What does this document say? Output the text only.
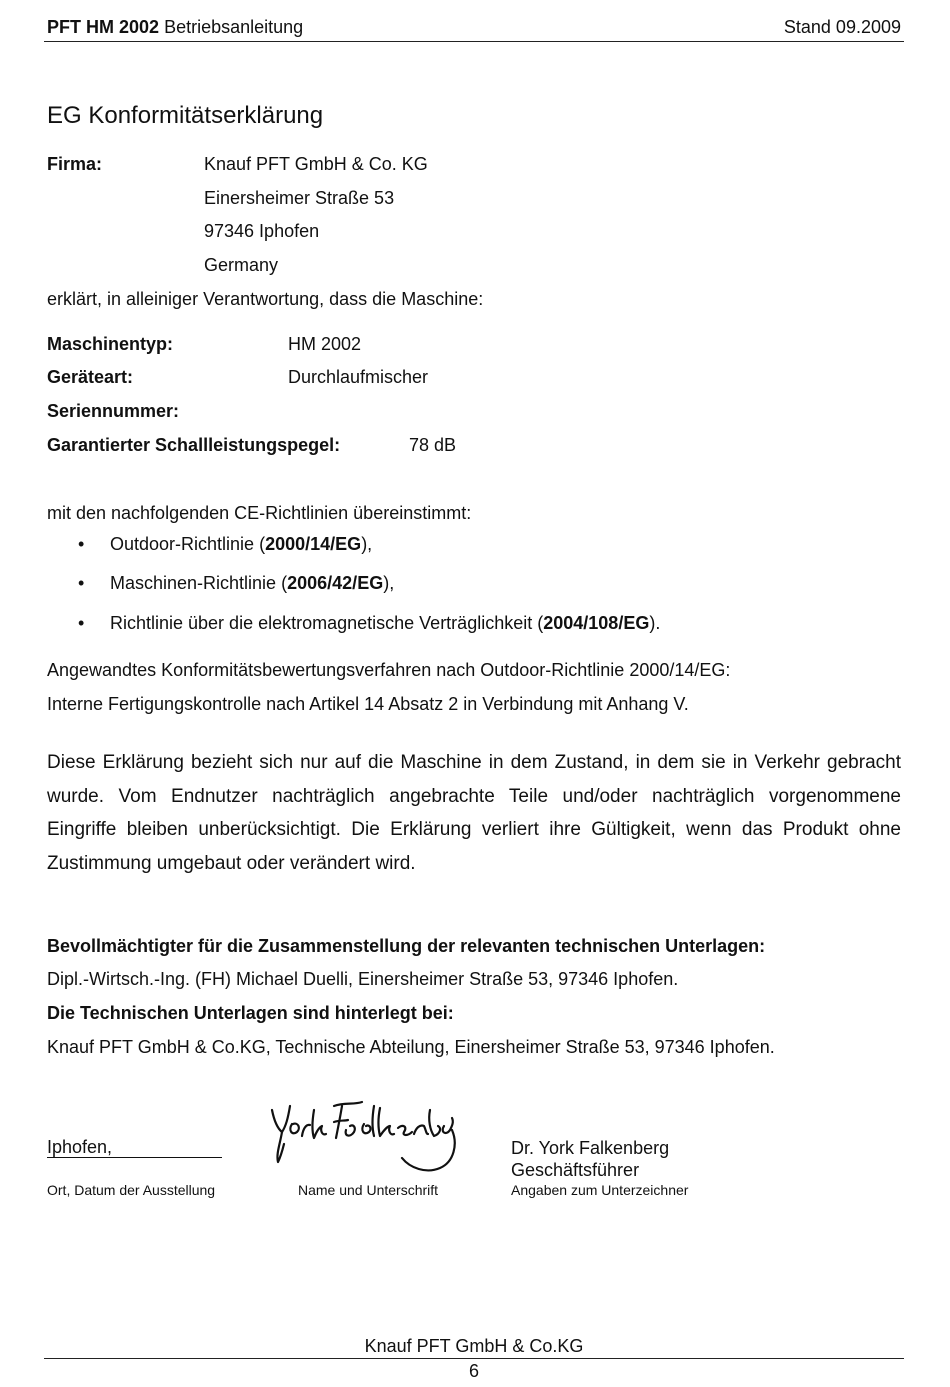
PFT HM 2002 Betriebsanleitung	Stand 09.2009
EG Konformitätserklärung
Firma:	Knauf PFT GmbH & Co. KG
Einersheimer Straße 53
97346 Iphofen
Germany
erklärt, in alleiniger Verantwortung, dass die Maschine:
Maschinentyp:	HM 2002
Geräteart:	Durchlaufmischer
Seriennummer:
Garantierter Schallleistungspegel:	78 dB
mit den nachfolgenden CE-Richtlinien übereinstimmt:
• Outdoor-Richtlinie (2000/14/EG),
• Maschinen-Richtlinie (2006/42/EG),
• Richtlinie über die elektromagnetische Verträglichkeit (2004/108/EG).
Angewandtes Konformitätsbewertungsverfahren nach Outdoor-Richtlinie 2000/14/EG:
Interne Fertigungskontrolle nach Artikel 14 Absatz 2 in Verbindung mit Anhang V.
Diese Erklärung bezieht sich nur auf die Maschine in dem Zustand, in dem sie in Verkehr gebracht wurde. Vom Endnutzer nachträglich angebrachte Teile und/oder nachträglich vorgenommene Eingriffe bleiben unberücksichtigt. Die Erklärung verliert ihre Gültigkeit, wenn das Produkt ohne Zustimmung umgebaut oder verändert wird.
Bevollmächtigter für die Zusammenstellung der relevanten technischen Unterlagen:
Dipl.-Wirtsch.-Ing. (FH) Michael Duelli, Einersheimer Straße 53, 97346 Iphofen.
Die Technischen Unterlagen sind hinterlegt bei:
Knauf PFT GmbH & Co.KG, Technische Abteilung, Einersheimer Straße 53, 97346 Iphofen.
Iphofen,	Dr. York Falkenberg
Geschäftsführer
Ort, Datum der Ausstellung	Name und Unterschrift	Angaben zum Unterzeichner
Knauf PFT GmbH & Co.KG
6
